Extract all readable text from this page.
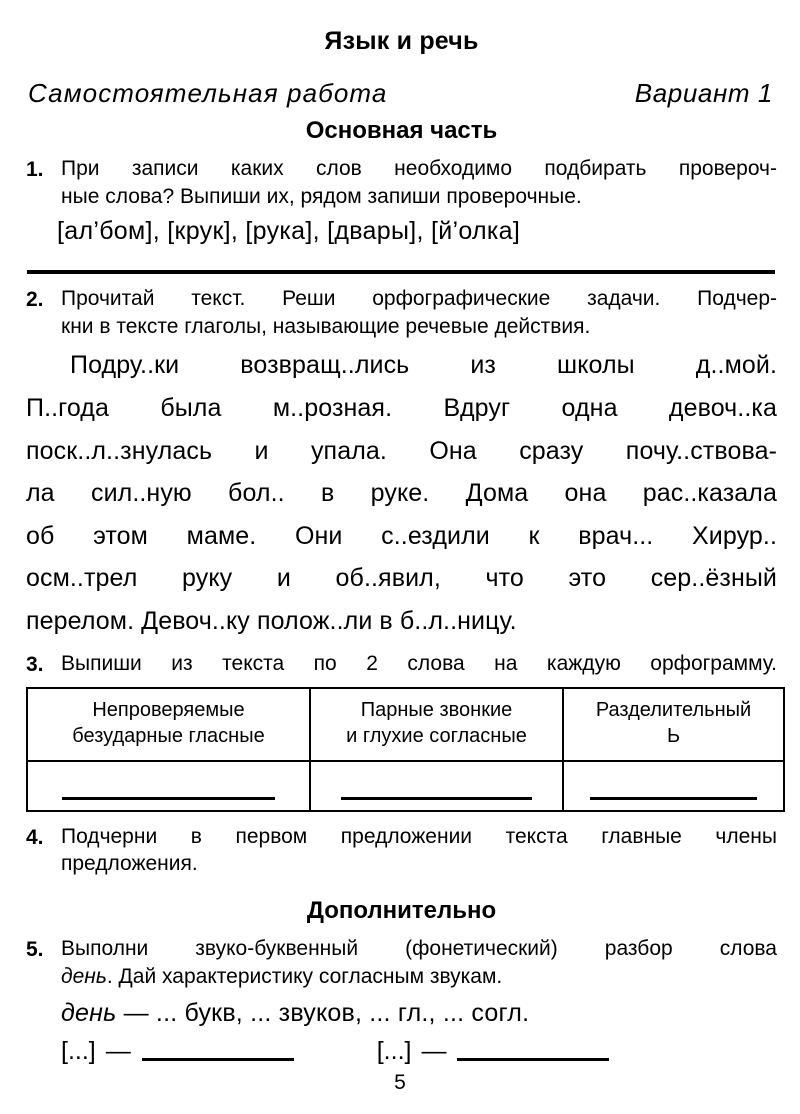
Язык и речь
Самостоятельная работа	Вариант 1
Основная часть
1. При записи каких слов необходимо подбирать провероч-

ные слова? Выпиши их, рядом запиши проверочные.

[ал’бом], [крук], [рука], [двары], [й’олка]

2. Прочитай текст. Реши орфографические задачи. Подчер-

кни в тексте глаголы, называющие речевые действия.

Подру..ки возвращ..лись из школы д..мой.

П..года была м..розная. Вдруг одна девоч..ка

поск..л..знулась и упала. Она сразу почу..ствова-

ла сил..ную бол.. в руке. Дома она рас..казала

об этом маме. Они с..ездили к врач... Хирур..

осм..трел руку и об..явил, что это сер..ёзный

перелом. Девоч..ку полож..ли в б..л..ницу.

3. Выпиши из текста по 2 слова на каждую орфограмму.

Непроверяемые
безударные гласные

Парные звонкие
и глухие согласные

Разделительный
Ь

4. Подчерни в первом предложении текста главные члены

предложения.

Дополнительно
5. Выполни звуко-буквенный (фонетический) разбор слова

день. Дай характеристику согласным звукам.

день — ... букв, ... звуков, ... гл., ... согл.

[...] —	[...] —
5
